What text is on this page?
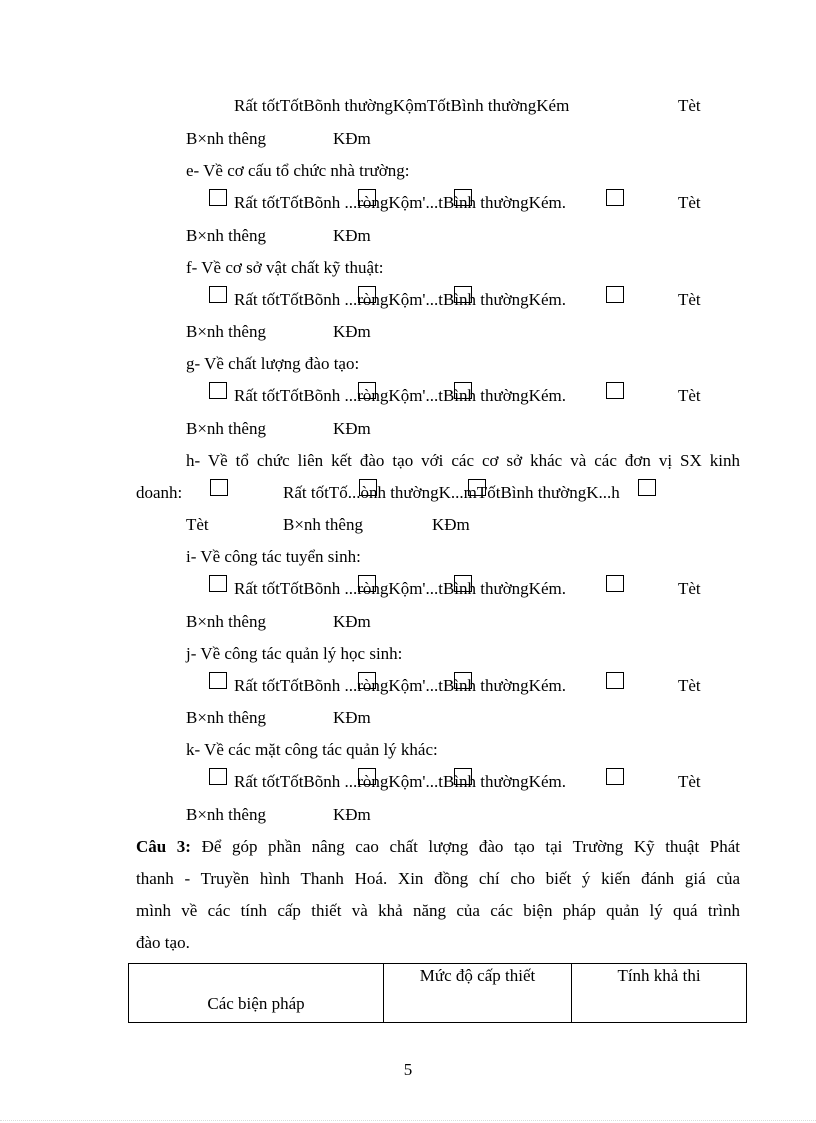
Rất tốtTốtBõnh thườngKộmTốtBình thườngKém	Tèt
B×nh thêng	KÐm
e- Về cơ cấu tổ chức nhà trường:
Rất tốtTốtBõnh ...ròngKộm'...tBình thườngKém.	Tèt
B×nh thêng	KÐm
f- Về cơ sở vật chất kỹ thuật:
Rất tốtTốtBõnh ...ròngKộm'...tBình thườngKém.	Tèt
B×nh thêng	KÐm
g- Về chất lượng đào tạo:
Rất tốtTốtBõnh ...ròngKộm'...tBình thườngKém.	Tèt
B×nh thêng	KÐm
h- Về tổ chức liên kết đào tạo với các cơ sở khác và các đơn vị SX kinh
doanh:	Rất tốtTố...ònh thườngK...mTốtBình thườngK...h
Tèt	B×nh thêng	KÐm
i- Về công tác tuyển sinh:
Rất tốtTốtBõnh ...ròngKộm'...tBình thườngKém.	Tèt
B×nh thêng	KÐm
j- Về công tác quản lý học sinh:
Rất tốtTốtBõnh ...ròngKộm'...tBình thườngKém.	Tèt
B×nh thêng	KÐm
k- Về các mặt công tác quản lý khác:
Rất tốtTốtBõnh ...ròngKộm'...tBình thườngKém.	Tèt
B×nh thêng	KÐm
Câu 3: Để góp phần nâng cao chất lượng đào tạo tại Trường Kỹ thuật Phát
thanh - Truyền hình Thanh Hoá. Xin đồng chí cho biết ý kiến đánh giá của
mình về các tính cấp thiết và khả năng của các biện pháp quản lý quá trình
đào tạo.
Các biện pháp	Mức độ cấp thiết	Tính khả thi
5
